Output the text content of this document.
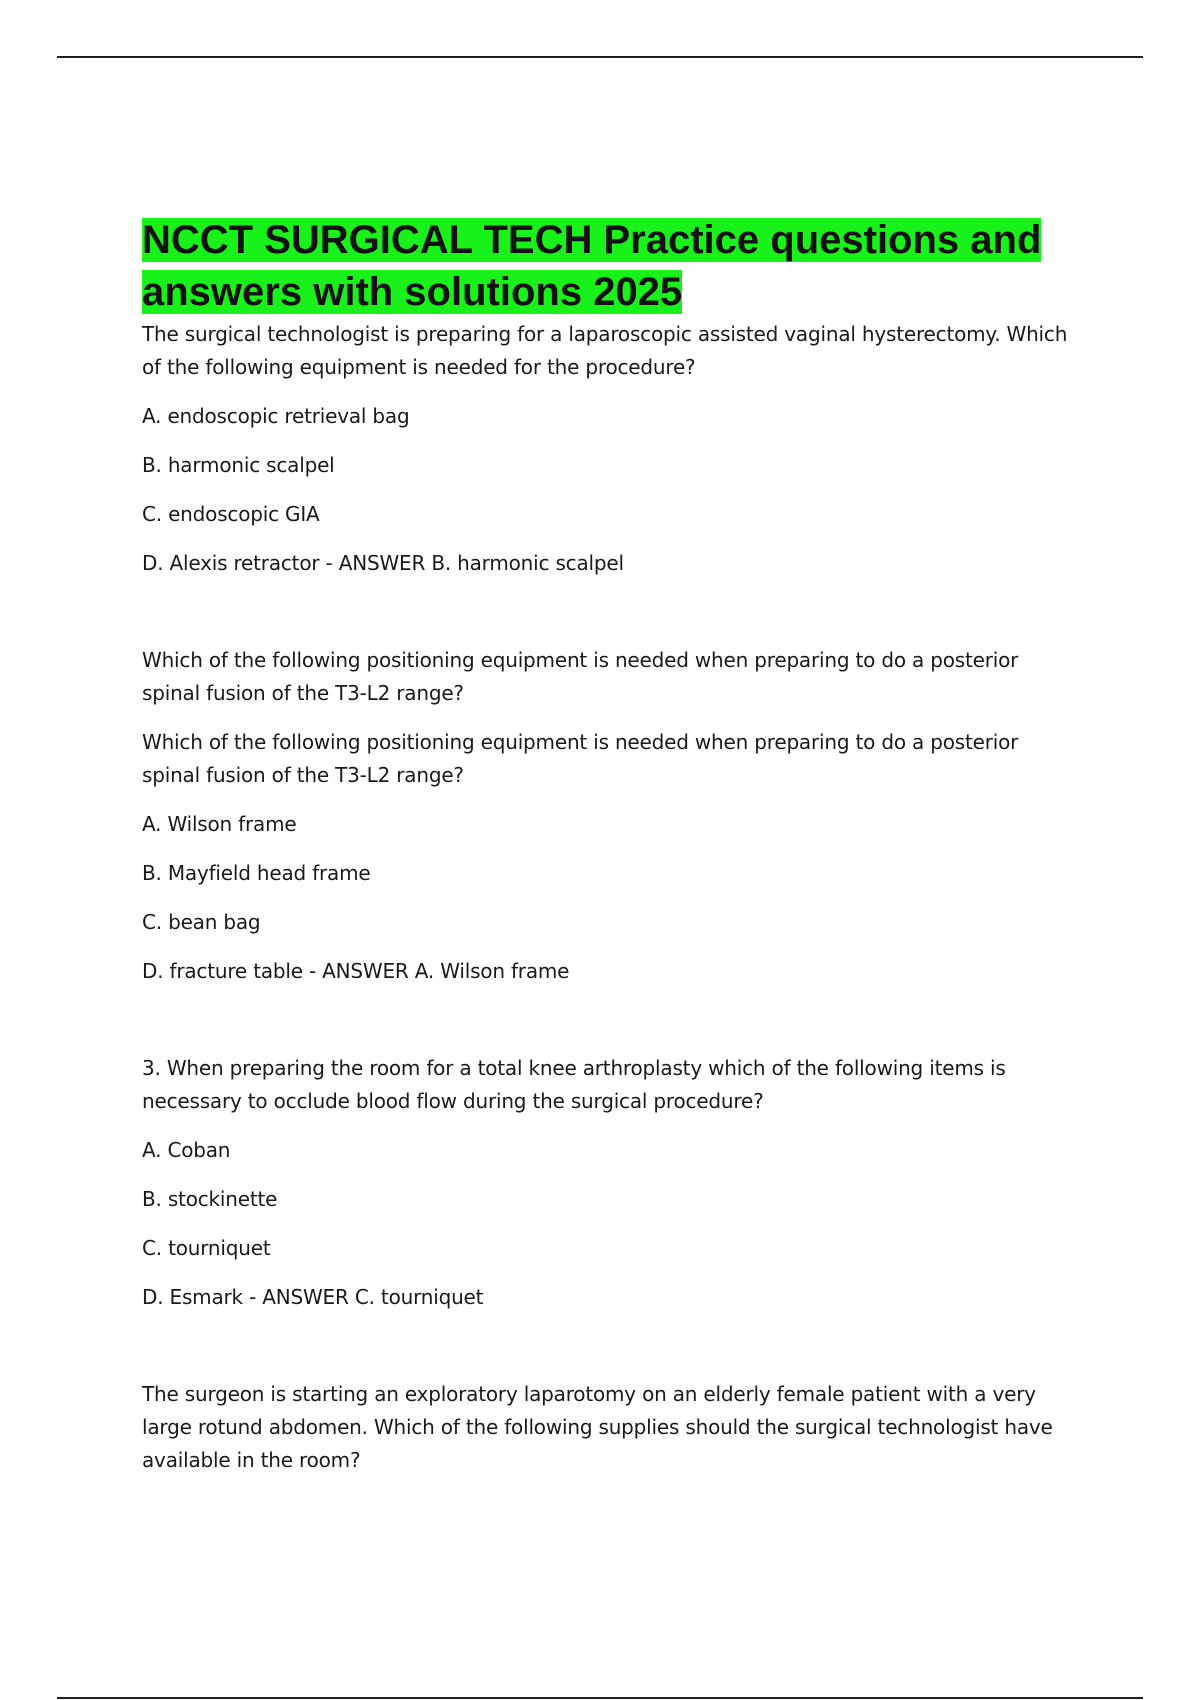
NCCT SURGICAL TECH Practice questions and answers with solutions 2025

The surgical technologist is preparing for a laparoscopic assisted vaginal hysterectomy. Which of the following equipment is needed for the procedure?

A. endoscopic retrieval bag

B. harmonic scalpel

C. endoscopic GIA

D. Alexis retractor - ANSWER B. harmonic scalpel

Which of the following positioning equipment is needed when preparing to do a posterior spinal fusion of the T3-L2 range?

Which of the following positioning equipment is needed when preparing to do a posterior spinal fusion of the T3-L2 range?

A. Wilson frame

B. Mayfield head frame

C. bean bag

D. fracture table - ANSWER A. Wilson frame

3. When preparing the room for a total knee arthroplasty which of the following items is necessary to occlude blood flow during the surgical procedure?

A. Coban

B. stockinette

C. tourniquet

D. Esmark - ANSWER C. tourniquet

The surgeon is starting an exploratory laparotomy on an elderly female patient with a very large rotund abdomen. Which of the following supplies should the surgical technologist have available in the room?
